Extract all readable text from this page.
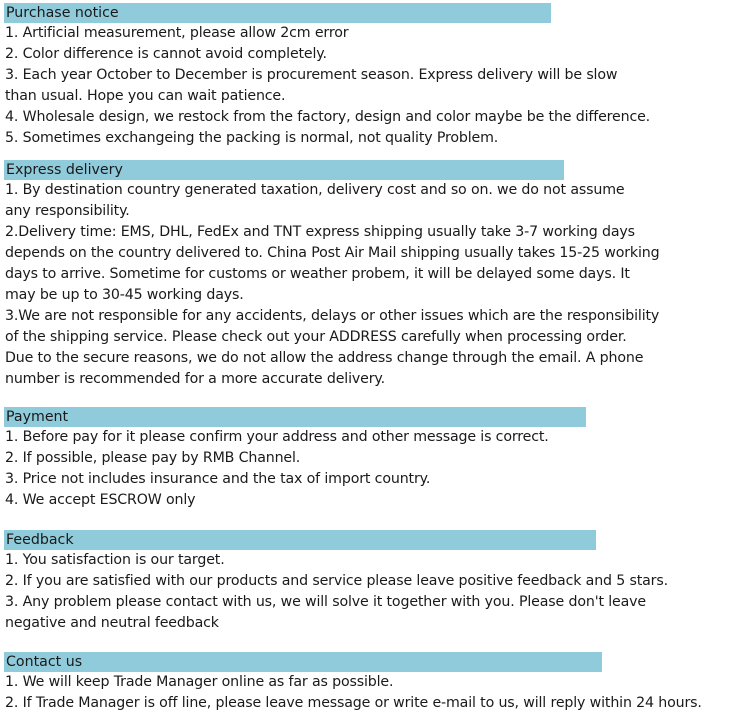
Purchase notice
1. Artificial measurement, please allow 2cm error
2. Color difference is cannot avoid completely.
3. Each year October to December is procurement season. Express delivery will be slow
than usual. Hope you can wait patience.
4. Wholesale design, we restock from the factory, design and color maybe be the difference.
5. Sometimes exchangeing the packing is normal, not quality Problem.
Express delivery
1. By destination country generated taxation, delivery cost and so on. we do not assume
any responsibility.
2.Delivery time: EMS, DHL, FedEx and TNT express shipping usually take 3-7 working days
depends on the country delivered to. China Post Air Mail shipping usually takes 15-25 working
days to arrive. Sometime for customs or weather probem, it will be delayed some days. It
may be up to 30-45 working days.
3.We are not responsible for any accidents, delays or other issues which are the responsibility
of the shipping service. Please check out your ADDRESS carefully when processing order.
Due to the secure reasons, we do not allow the address change through the email. A phone
number is recommended for a more accurate delivery.
Payment
1. Before pay for it please confirm your address and other message is correct.
2. If possible, please pay by RMB Channel.
3. Price not includes insurance and the tax of import country.
4. We accept ESCROW only
Feedback
1. You satisfaction is our target.
2. If you are satisfied with our products and service please leave positive feedback and 5 stars.
3. Any problem please contact with us, we will solve it together with you. Please don't leave
negative and neutral feedback
Contact us
1. We will keep Trade Manager online as far as possible.
2. If Trade Manager is off line, please leave message or write e-mail to us, will reply within 24 hours.
